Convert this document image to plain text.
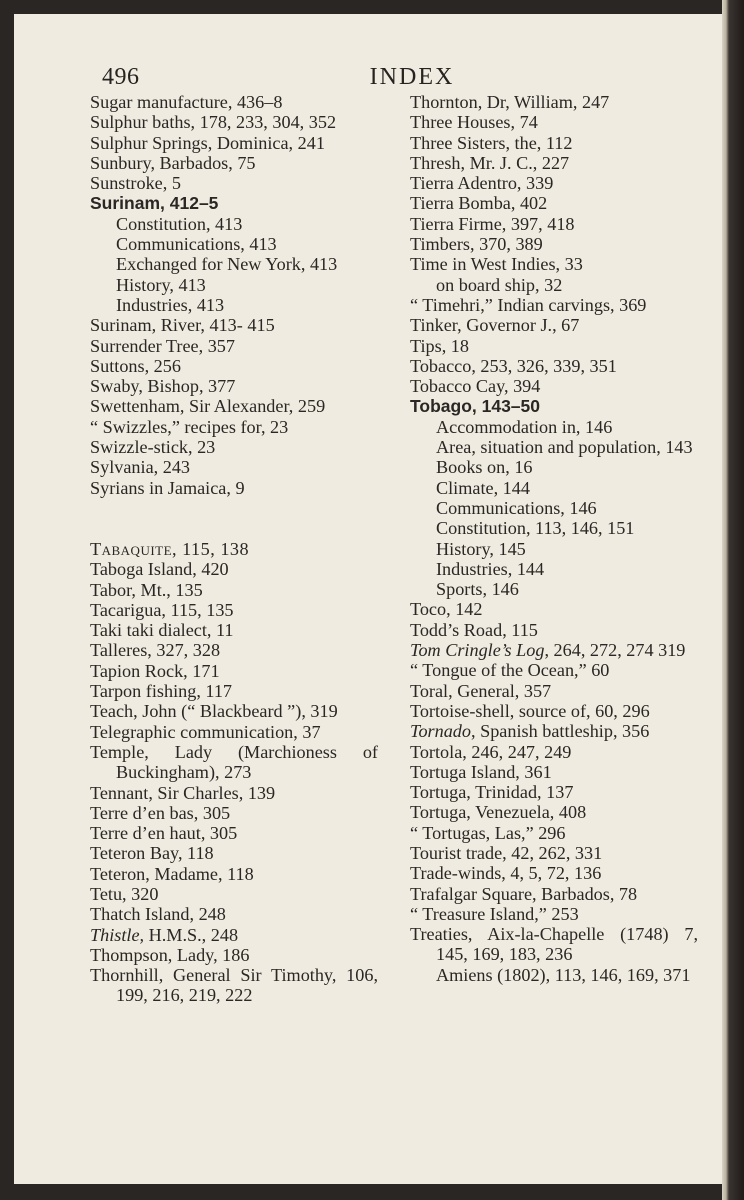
496	INDEX
Sugar manufacture, 436–8
Sulphur baths, 178, 233, 304, 352
Sulphur Springs, Dominica, 241
Sunbury, Barbados, 75
Sunstroke, 5
Surinam, 412–5
Constitution, 413
Communications, 413
Exchanged for New York, 413
History, 413
Industries, 413
Surinam, River, 413- 415
Surrender Tree, 357
Suttons, 256
Swaby, Bishop, 377
Swettenham, Sir Alexander, 259
“ Swizzles,” recipes for, 23
Swizzle-stick, 23
Sylvania, 243
Syrians in Jamaica, 9
Tabaquite, 115, 138
Taboga Island, 420
Tabor, Mt., 135
Tacarigua, 115, 135
Taki taki dialect, 11
Talleres, 327, 328
Tapion Rock, 171
Tarpon fishing, 117
Teach, John (“ Blackbeard ”), 319
Telegraphic communication, 37
Temple, Lady (Marchioness of Buckingham), 273
Tennant, Sir Charles, 139
Terre d’en bas, 305
Terre d’en haut, 305
Teteron Bay, 118
Teteron, Madame, 118
Tetu, 320
Thatch Island, 248
Thistle, H.M.S., 248
Thompson, Lady, 186
Thornhill, General Sir Timothy, 106, 199, 216, 219, 222
Thornton, Dr, William, 247
Three Houses, 74
Three Sisters, the, 112
Thresh, Mr. J. C., 227
Tierra Adentro, 339
Tierra Bomba, 402
Tierra Firme, 397, 418
Timbers, 370, 389
Time in West Indies, 33
on board ship, 32
“ Timehri,” Indian carvings, 369
Tinker, Governor J., 67
Tips, 18
Tobacco, 253, 326, 339, 351
Tobacco Cay, 394
Tobago, 143–50
Accommodation in, 146
Area, situation and population, 143
Books on, 16
Climate, 144
Communications, 146
Constitution, 113, 146, 151
History, 145
Industries, 144
Sports, 146
Toco, 142
Todd’s Road, 115
Tom Cringle’s Log, 264, 272, 274 319
“ Tongue of the Ocean,” 60
Toral, General, 357
Tortoise-shell, source of, 60, 296
Tornado, Spanish battleship, 356
Tortola, 246, 247, 249
Tortuga Island, 361
Tortuga, Trinidad, 137
Tortuga, Venezuela, 408
“ Tortugas, Las,” 296
Tourist trade, 42, 262, 331
Trade-winds, 4, 5, 72, 136
Trafalgar Square, Barbados, 78
“ Treasure Island,” 253
Treaties, Aix-la-Chapelle (1748) 7, 145, 169, 183, 236
Amiens (1802), 113, 146, 169, 371
